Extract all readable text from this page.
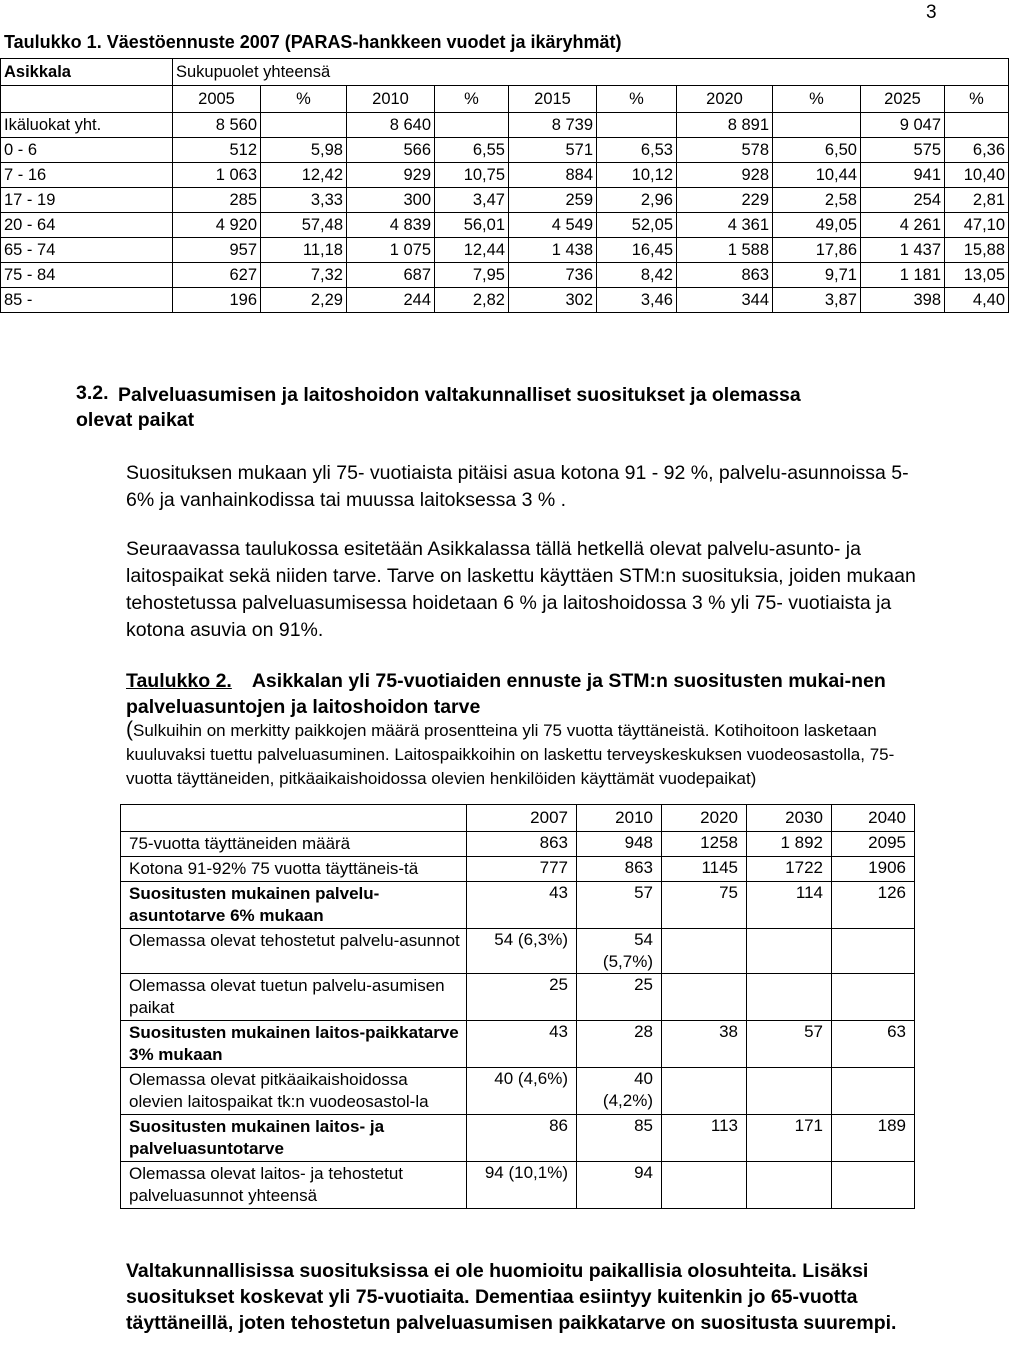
3
Taulukko 1. Väestöennuste 2007 (PARAS-hankkeen vuodet ja ikäryhmät)
Asikkala	Sukupuolet yhteensä									
	2005	%	2010	%	2015	%	2020	%	2025	%
Ikäluokat yht.	8 560		8 640		8 739		8 891		9 047	
0 - 6	512	5,98	566	6,55	571	6,53	578	6,50	575	6,36
7 - 16	1 063	12,42	929	10,75	884	10,12	928	10,44	941	10,40
17 - 19	285	3,33	300	3,47	259	2,96	229	2,58	254	2,81
20 - 64	4 920	57,48	4 839	56,01	4 549	52,05	4 361	49,05	4 261	47,10
65 - 74	957	11,18	1 075	12,44	1 438	16,45	1 588	17,86	1 437	15,88
75 - 84	627	7,32	687	7,95	736	8,42	863	9,71	1 181	13,05
85 -	196	2,29	244	2,82	302	3,46	344	3,87	398	4,40
3.2. Palveluasumisen ja laitoshoidon valtakunnalliset suositukset ja olemassa
olevat paikat
Suosituksen mukaan yli 75- vuotiaista pitäisi asua kotona 91 - 92 %, palvelu-asunnoissa 5-6% ja vanhainkodissa tai muussa laitoksessa 3 % .
Seuraavassa taulukossa esitetään Asikkalassa tällä hetkellä olevat palvelu-asunto- ja laitospaikat sekä niiden tarve. Tarve on laskettu käyttäen STM:n suosituksia, joiden mukaan tehostetussa palveluasumisessa hoidetaan 6 % ja laitoshoidossa 3 % yli 75- vuotiaista ja kotona asuvia on 91%.
Taulukko 2. Asikkalan yli 75-vuotiaiden ennuste ja STM:n suositusten mukai-nen palveluasuntojen ja laitoshoidon tarve
(Sulkuihin on merkitty paikkojen määrä prosentteina yli 75 vuotta täyttäneistä. Kotihoitoon lasketaan kuuluvaksi tuettu palveluasuminen. Laitospaikkoihin on laskettu terveyskeskuksen vuodeosastolla, 75- vuotta täyttäneiden, pitkäaikaishoidossa olevien henkilöiden käyttämät vuodepaikat)
	2007	2010	2020	2030	2040
75-vuotta täyttäneiden määrä	863	948	1258	1 892	2095
Kotona 91-92% 75 vuotta täyttäneis-tä	777	863	1145	1722	1906
Suositusten mukainen palvelu-asuntotarve 6% mukaan	43	57	75	114	126
Olemassa olevat tehostetut palvelu-asunnot	54 (6,3%)	54 (5,7%)			
Olemassa olevat tuetun palvelu-asumisen paikat	25	25			
Suositusten mukainen laitos-paikkatarve 3% mukaan	43	28	38	57	63
Olemassa olevat pitkäaikaishoidossa olevien laitospaikat tk:n vuodeosastol-la	40 (4,6%)	40 (4,2%)			
Suositusten mukainen laitos- ja palveluasuntotarve	86	85	113	171	189
Olemassa olevat laitos- ja tehostetut palveluasunnot yhteensä	94 (10,1%)	94			
Valtakunnallisissa suosituksissa ei ole huomioitu paikallisia olosuhteita. Lisäksi suositukset koskevat yli 75-vuotiaita. Dementiaa esiintyy kuitenkin jo 65-vuotta täyttäneillä, joten tehostetun palveluasumisen paikkatarve on suositusta suurempi.
